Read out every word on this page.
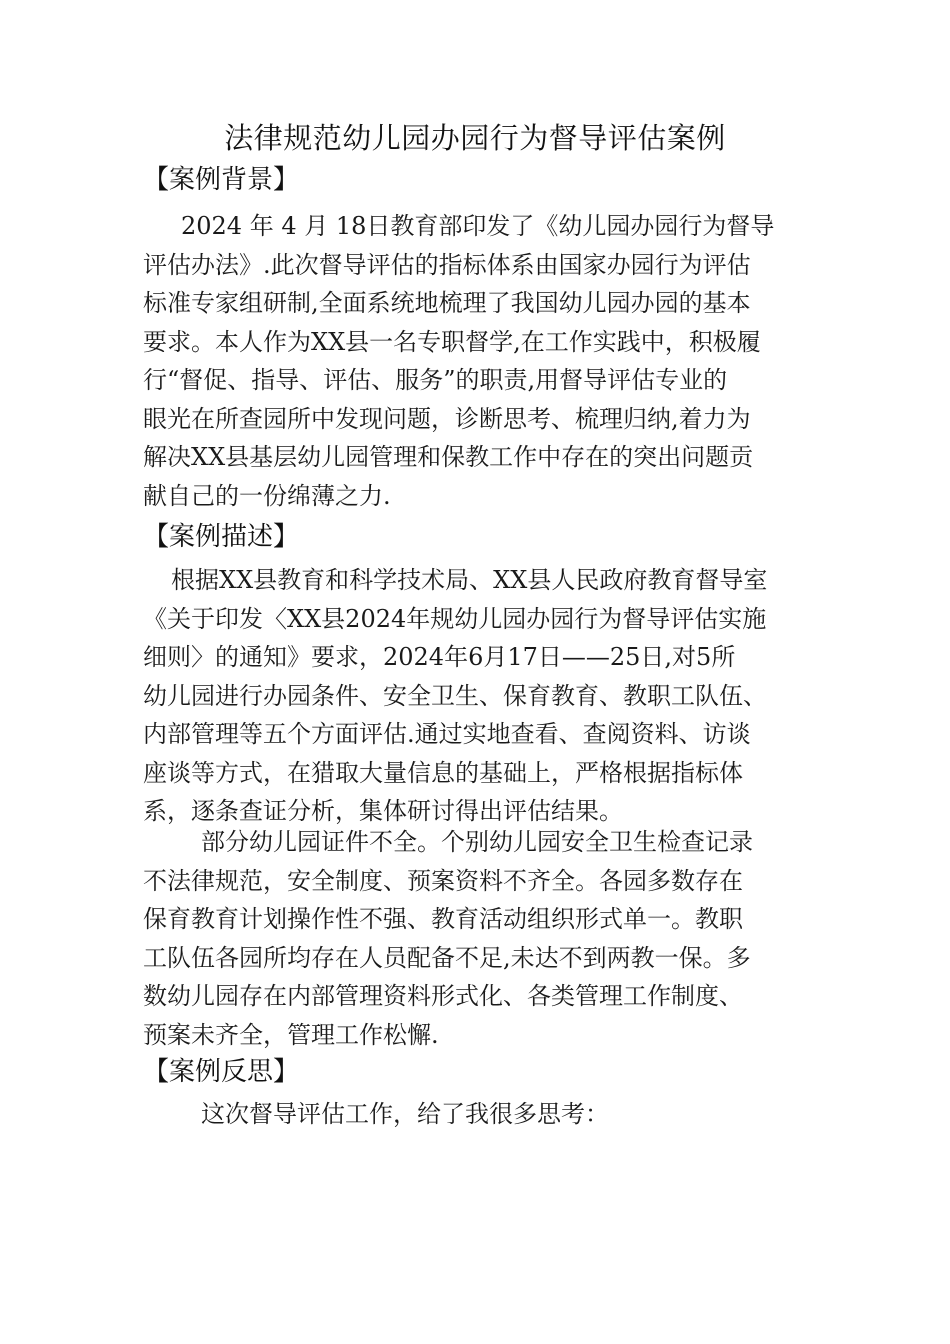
法律规范幼儿园办园行为督导评估案例
【案例背景】
2024 年 4 月 18日教育部印发了《幼儿园办园行为督导
评估办法》.此次督导评估的指标体系由国家办园行为评估
标准专家组研制,全面系统地梳理了我国幼儿园办园的基本
要求。本人作为XX县一名专职督学,在工作实践中，积极履
行“督促、指导、评估、服务”的职责,用督导评估专业的
眼光在所查园所中发现问题，诊断思考、梳理归纳,着力为
解决XX县基层幼儿园管理和保教工作中存在的突出问题贡
献自己的一份绵薄之力.
【案例描述】
根据XX县教育和科学技术局、XX县人民政府教育督导室
《关于印发〈XX县2024年规幼儿园办园行为督导评估实施
细则〉的通知》要求，2024年6月17日——25日,对5所
幼儿园进行办园条件、安全卫生、保育教育、教职工队伍、
内部管理等五个方面评估.通过实地查看、查阅资料、访谈
座谈等方式，在猎取大量信息的基础上，严格根据指标体
系，逐条查证分析，集体研讨得出评估结果。
部分幼儿园证件不全。个别幼儿园安全卫生检查记录
不法律规范，安全制度、预案资料不齐全。各园多数存在
保育教育计划操作性不强、教育活动组织形式单一。教职
工队伍各园所均存在人员配备不足,未达不到两教一保。多
数幼儿园存在内部管理资料形式化、各类管理工作制度、
预案未齐全，管理工作松懈.
【案例反思】
这次督导评估工作，给了我很多思考：
